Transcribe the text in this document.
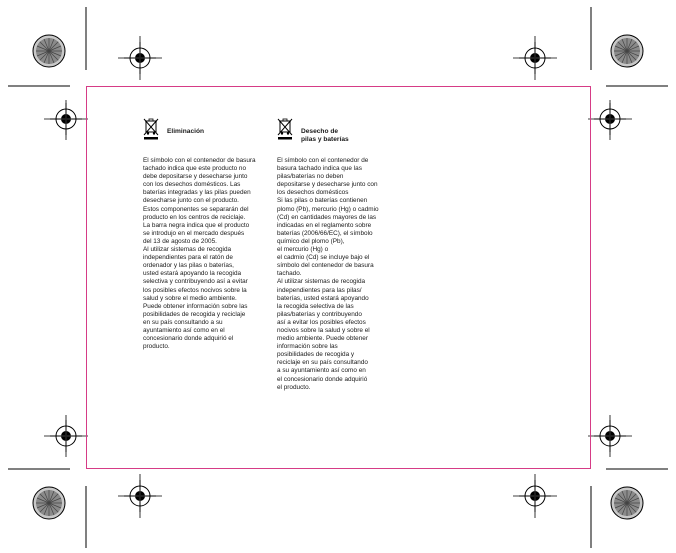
Eliminación
El símbolo con el contenedor de basura
tachado indica que este producto no
debe depositarse y desecharse junto
con los desechos domésticos. Las
baterías integradas y las pilas pueden
desecharse junto con el producto.
Estos componentes se separarán del
producto en los centros de reciclaje.
La barra negra indica que el producto
se introdujo en el mercado después
del 13 de agosto de 2005.
Al utilizar sistemas de recogida
independientes para el ratón de
ordenador y las pilas o baterías,
usted estará apoyando la recogida
selectiva y contribuyendo así a evitar
los posibles efectos nocivos sobre la
salud y sobre el medio ambiente.
Puede obtener información sobre las
posibilidades de recogida y reciclaje
en su país consultando a su
ayuntamiento así como en el
concesionario donde adquirió el
producto.
Desecho de
pilas y baterías
El símbolo con el contenedor de
basura tachado indica que las
pilas/baterías no deben
depositarse y desecharse junto con
los desechos domésticos
Si las pilas o baterías contienen
plomo (Pb), mercurio (Hg) o cadmio
(Cd) en cantidades mayores de las
indicadas en el reglamento sobre
baterías (2006/66/EC), el símbolo
químico del plomo (Pb),
el mercurio (Hg) o
el cadmio (Cd) se incluye bajo el
símbolo del contenedor de basura
tachado.
Al utilizar sistemas de recogida
independientes para las pilas/
baterías, usted estará apoyando
la recogida selectiva de las
pilas/baterías y contribuyendo
así a evitar los posibles efectos
nocivos sobre la salud y sobre el
medio ambiente. Puede obtener
información sobre las
posibilidades de recogida y
reciclaje en su país consultando
a su ayuntamiento así como en
el concesionario donde adquirió
el producto.
